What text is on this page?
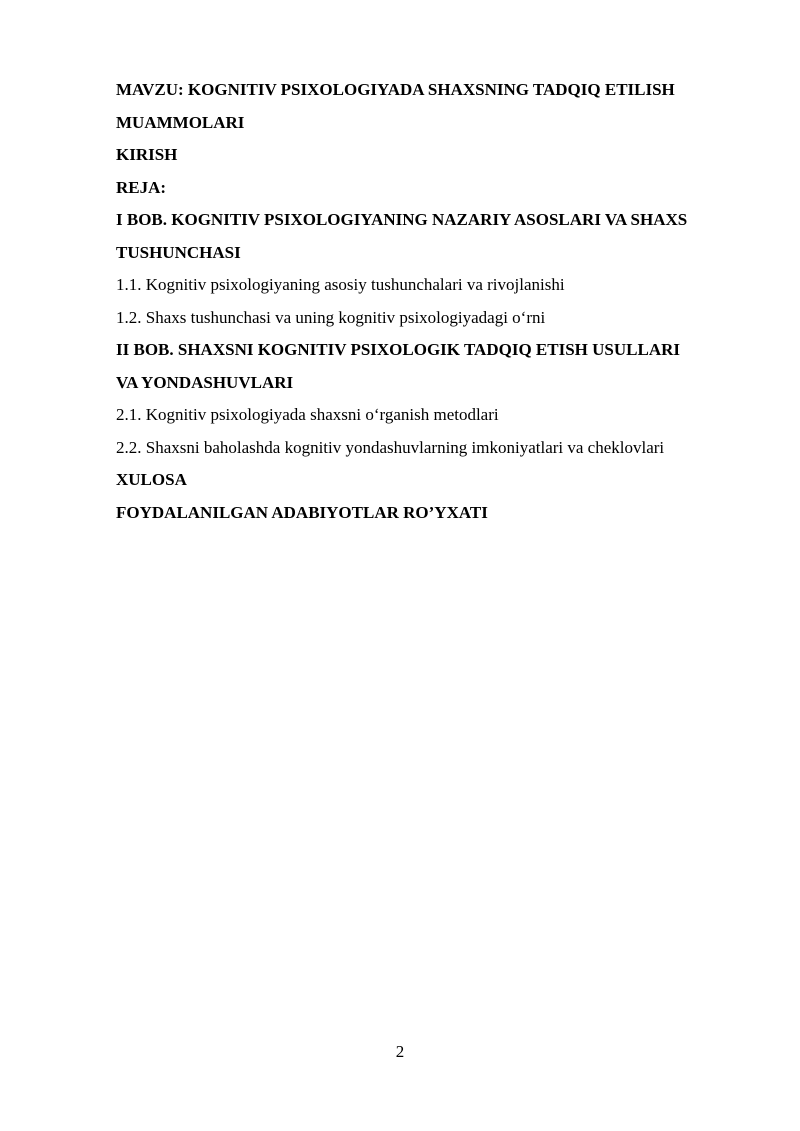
MAVZU: KOGNITIV PSIXOLOGIYADA SHAXSNING TADQIQ ETILISH
MUAMMOLARI
KIRISH
REJA:
I BOB. KOGNITIV PSIXOLOGIYANING NAZARIY ASOSLARI VA SHAXS
TUSHUNCHASI
1.1. Kognitiv psixologiyaning asosiy tushunchalari va rivojlanishi
1.2. Shaxs tushunchasi va uning kognitiv psixologiyadagi o‘rni
II BOB. SHAXSNI KOGNITIV PSIXOLOGIK TADQIQ ETISH USULLARI
VA YONDASHUVLARI
2.1. Kognitiv psixologiyada shaxsni o‘rganish metodlari
2.2. Shaxsni baholashda kognitiv yondashuvlarning imkoniyatlari va cheklovlari
XULOSA
FOYDALANILGAN ADABIYOTLAR RO’YXATI
2
